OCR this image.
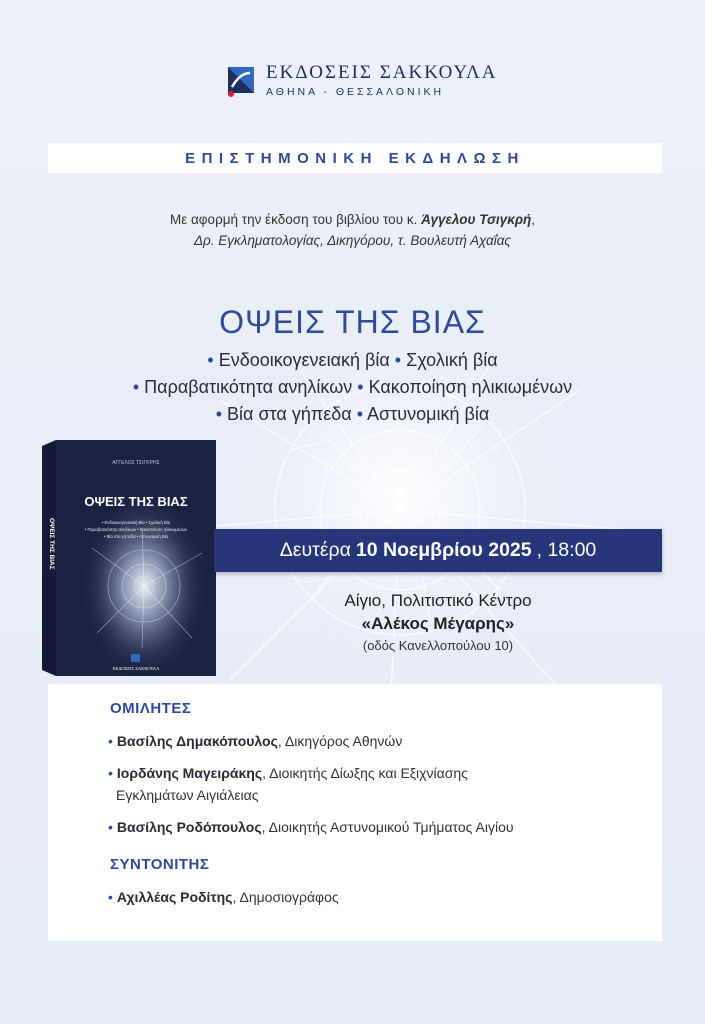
ΕΚΔΟΣΕΙΣ ΣΑΚΚΟΥΛΑ
ΑΘΗΝΑ - ΘΕΣΣΑΛΟΝΙΚΗ
ΕΠΙΣΤΗΜΟΝΙΚΗ ΕΚΔΗΛΩΣΗ
Με αφορμή την έκδοση του βιβλίου του κ. Άγγελου Τσιγκρή,
Δρ. Εγκληματολογίας, Δικηγόρου, τ. Βουλευτή Αχαΐας
ΟΨΕΙΣ ΤΗΣ ΒΙΑΣ
• Ενδοοικογενειακή βία • Σχολική βία
• Παραβατικότητα ανηλίκων • Κακοποίηση ηλικιωμένων
• Βία στα γήπεδα • Αστυνομική βία
ΟΨΕΙΣ ΤΗΣ ΒΙΑΣ
ΑΓΓΕΛΟΣ ΤΣΙΓΚΡΗΣ
ΟΨΕΙΣ ΤΗΣ ΒΙΑΣ
• Ενδοοικογενειακή Βία • Σχολική Βία
• Παραβατικότητα ανηλίκων • Κακοποίηση ηλικιωμένων
• Βία στα γήπεδα • Αστυνομική Βία
ΕΚΔΟΣΕΙΣ ΣΑΚΚΟΥΛΑ
Δευτέρα 10 Νοεμβρίου 2025 , 18:00
Αίγιο, Πολιτιστικό Κέντρο
«Αλέκος Μέγαρης»
(οδός Κανελλοπούλου 10)
ΟΜΙΛΗΤΕΣ
• Βασίλης Δημακόπουλος, Δικηγόρος Αθηνών
• Ιορδάνης Μαγειράκης, Διοικητής Δίωξης και Εξιχνίασης
Εγκλημάτων Αιγιάλειας
• Βασίλης Ροδόπουλος, Διοικητής Αστυνομικού Τμήματος Αιγίου
ΣΥΝΤΟΝΙΤΗΣ
• Αχιλλέας Ροδίτης, Δημοσιογράφος
